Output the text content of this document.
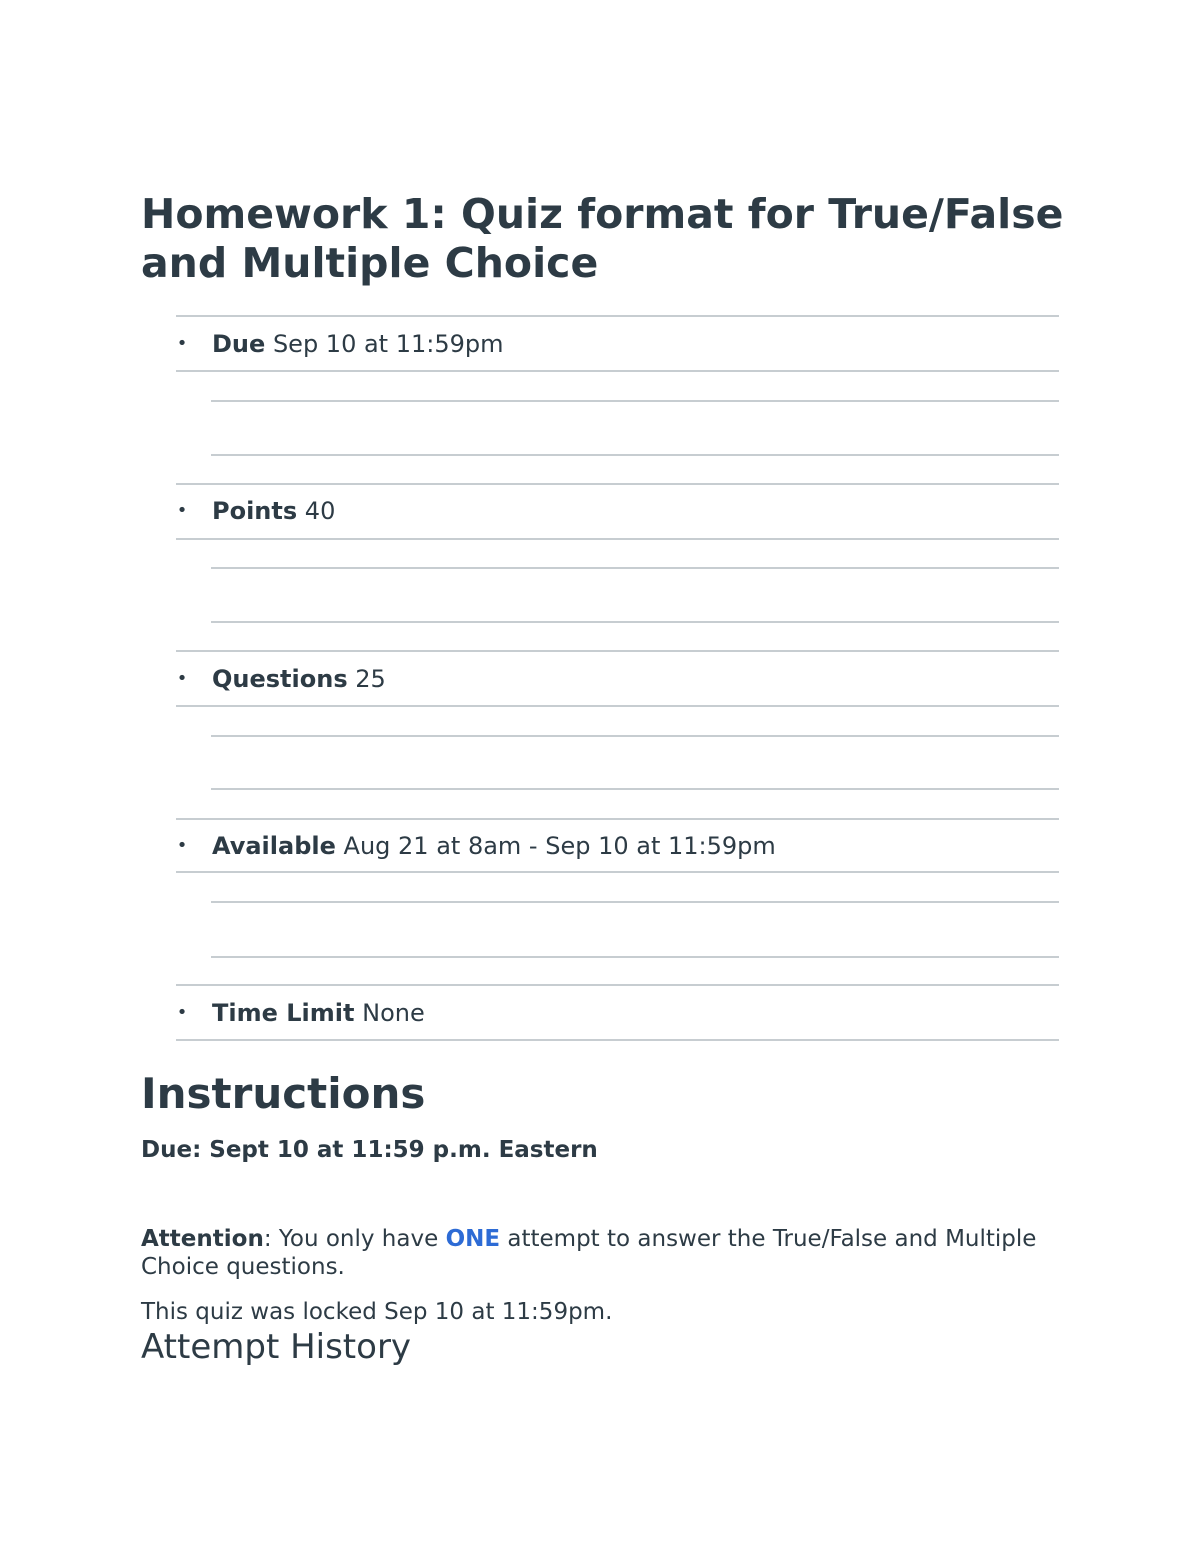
Homework 1: Quiz format for True/False and Multiple Choice
• Due Sep 10 at 11:59pm
• Points 40
• Questions 25
• Available Aug 21 at 8am - Sep 10 at 11:59pm
• Time Limit None
Instructions

Due: Sept 10 at 11:59 p.m. Eastern

Attention: You only have ONE attempt to answer the True/False and Multiple Choice questions.

This quiz was locked Sep 10 at 11:59pm.

Attempt History
